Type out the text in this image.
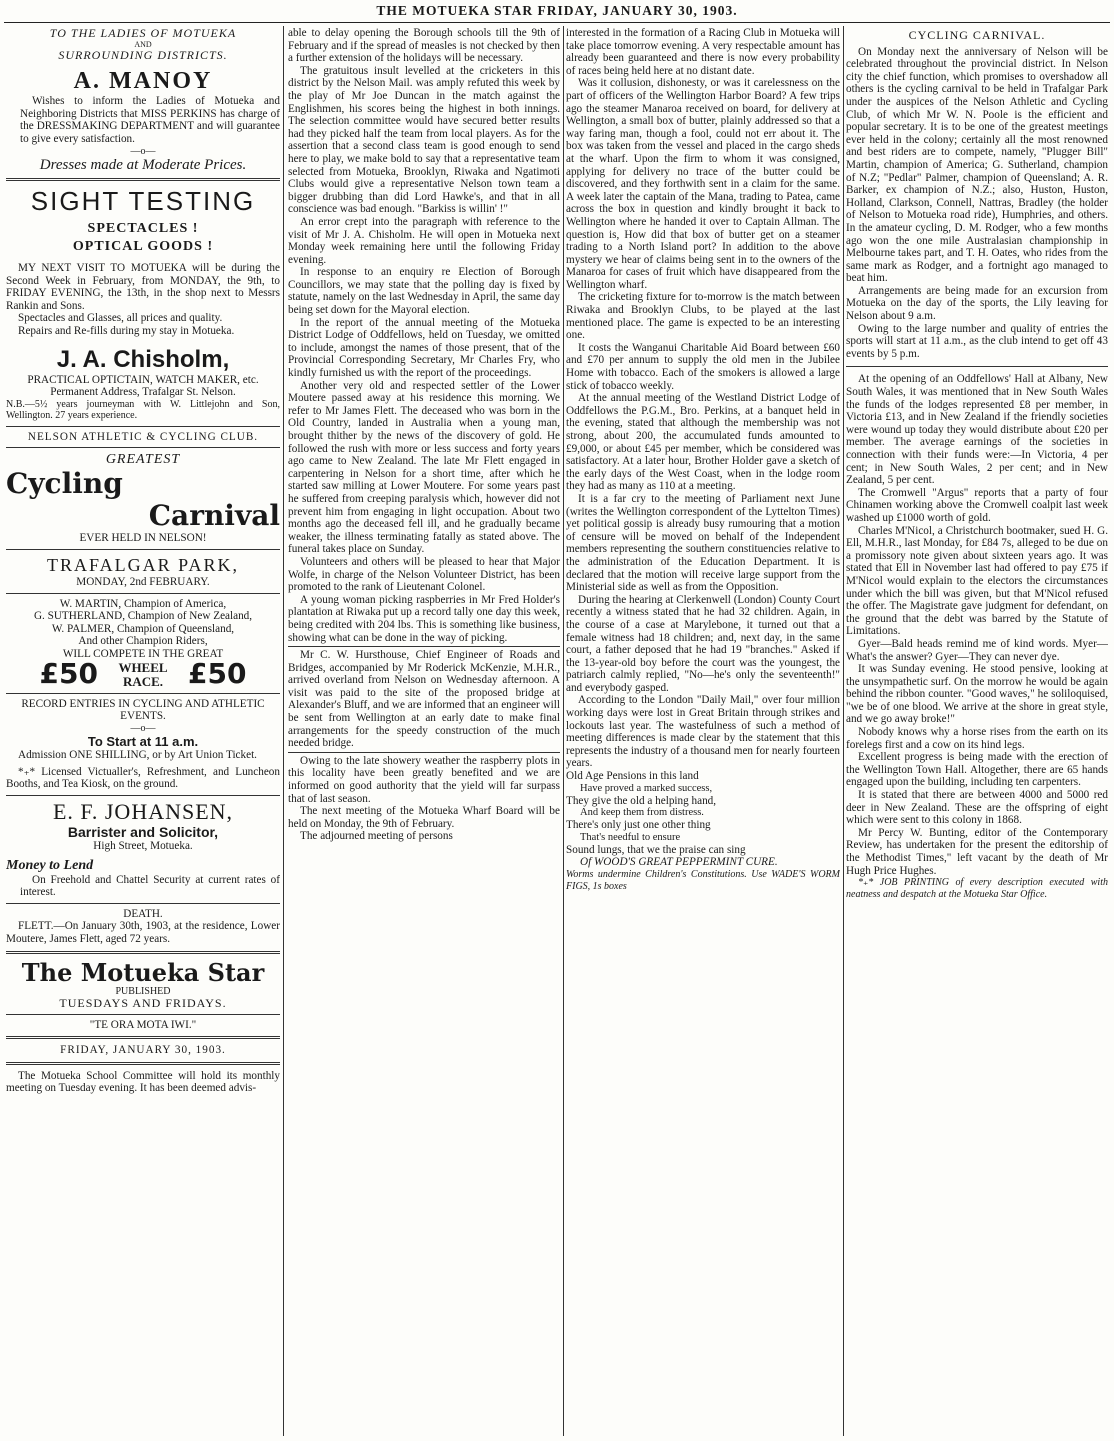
THE MOTUEKA STAR FRIDAY, JANUARY 30, 1903.

TO THE LADIES OF MOTUEKA

AND

SURROUNDING DISTRICTS.

A. MANOY

Wishes to inform the Ladies of Motueka and Neighboring Districts that MISS PERKINS has charge of the DRESSMAKING DEPARTMENT and will guarantee to give every satisfaction.

—o—

Dresses made at Moderate Prices.

SIGHT TESTING

SPECTACLES !

OPTICAL GOODS !

MY NEXT VISIT TO MOTUEKA will be during the Second Week in February, from MONDAY, the 9th, to FRIDAY EVENING, the 13th, in the shop next to Messrs Rankin and Sons.

Spectacles and Glasses, all prices and quality.

Repairs and Re-fills during my stay in Motueka.

J. A. Chisholm,

PRACTICAL OPTICTAIN, WATCH MAKER, etc.

Permanent Address, Trafalgar St. Nelson.

N.B.—5½ years journeyman with W. Littlejohn and Son, Wellington. 27 years experience.

NELSON ATHLETIC & CYCLING CLUB.

GREATEST

Cycling

Carnival

EVER HELD IN NELSON!

TRAFALGAR PARK,

MONDAY, 2nd FEBRUARY.

W. MARTIN, Champion of America,

G. SUTHERLAND, Champion of New Zealand,

W. PALMER, Champion of Queensland,

And other Champion Riders,

WILL COMPETE IN THE GREAT

£50	WHEEL RACE. £50

RECORD ENTRIES IN CYCLING AND ATHLETIC EVENTS.

—o—

To Start at 11 a.m.

Admission ONE SHILLING, or by Art Union Ticket.

*₊* Licensed Victualler's, Refreshment, and Luncheon Booths, and Tea Kiosk, on the ground.

E. F. JOHANSEN,

Barrister and Solicitor,

High Street, Motueka.

Money to Lend

On Freehold and Chattel Security at current rates of interest.

DEATH.

FLETT.—On January 30th, 1903, at the residence, Lower Moutere, James Flett, aged 72 years.

The Motueka Star

PUBLISHED

TUESDAYS AND FRIDAYS.

"TE ORA MOTA IWI."

FRIDAY, JANUARY 30, 1903.

The Motueka School Committee will hold its monthly meeting on Tuesday evening. It has been deemed advis-

able to delay opening the Borough schools till the 9th of February and if the spread of measles is not checked by then a further extension of the holidays will be necessary.

The gratuitous insult levelled at the cricketers in this district by the Nelson Mail. was amply refuted this week by the play of Mr Joe Duncan in the match against the Englishmen, his scores being the highest in both innings. The selection committee would have secured better results had they picked half the team from local players. As for the assertion that a second class team is good enough to send here to play, we make bold to say that a representative team selected from Motueka, Brooklyn, Riwaka and Ngatimoti Clubs would give a representative Nelson town team a bigger drubbing than did Lord Hawke's, and that in all conscience was bad enough. "Barkiss is willin' !"

An error crept into the paragraph with reference to the visit of Mr J. A. Chisholm. He will open in Motueka next Monday week remaining here until the following Friday evening.

In response to an enquiry re Election of Borough Councillors, we may state that the polling day is fixed by statute, namely on the last Wednesday in April, the same day being set down for the Mayoral election.

In the report of the annual meeting of the Motueka District Lodge of Oddfellows, held on Tuesday, we omitted to include, amongst the names of those present, that of the Provincial Corresponding Secretary, Mr Charles Fry, who kindly furnished us with the report of the proceedings.

Another very old and respected settler of the Lower Moutere passed away at his residence this morning. We refer to Mr James Flett. The deceased who was born in the Old Country, landed in Australia when a young man, brought thither by the news of the discovery of gold. He followed the rush with more or less success and forty years ago came to New Zealand. The late Mr Flett engaged in carpentering in Nelson for a short time, after which he started saw milling at Lower Moutere. For some years past he suffered from creeping paralysis which, however did not prevent him from engaging in light occupation. About two months ago the deceased fell ill, and he gradually became weaker, the illness terminating fatally as stated above. The funeral takes place on Sunday.

Volunteers and others will be pleased to hear that Major Wolfe, in charge of the Nelson Volunteer District, has been promoted to the rank of Lieutenant Colonel.

A young woman picking raspberries in Mr Fred Holder's plantation at Riwaka put up a record tally one day this week, being credited with 204 lbs. This is something like business, showing what can be done in the way of picking.

Mr C. W. Hursthouse, Chief Engineer of Roads and Bridges, accompanied by Mr Roderick McKenzie, M.H.R., arrived overland from Nelson on Wednesday afternoon. A visit was paid to the site of the proposed bridge at Alexander's Bluff, and we are informed that an engineer will be sent from Wellington at an early date to make final arrangements for the speedy construction of the much needed bridge.

Owing to the late showery weather the raspberry plots in this locality have been greatly benefited and we are informed on good authority that the yield will far surpass that of last season.

The next meeting of the Motueka Wharf Board will be held on Monday, the 9th of February.

The adjourned meeting of persons

interested in the formation of a Racing Club in Motueka will take place tomorrow evening. A very respectable amount has already been guaranteed and there is now every probability of races being held here at no distant date.

Was it collusion, dishonesty, or was it carelessness on the part of officers of the Wellington Harbor Board? A few trips ago the steamer Manaroa received on board, for delivery at Wellington, a small box of butter, plainly addressed so that a way faring man, though a fool, could not err about it. The box was taken from the vessel and placed in the cargo sheds at the wharf. Upon the firm to whom it was consigned, applying for delivery no trace of the butter could be discovered, and they forthwith sent in a claim for the same. A week later the captain of the Mana, trading to Patea, came across the box in question and kindly brought it back to Wellington where he handed it over to Captain Allman. The question is, How did that box of butter get on a steamer trading to a North Island port? In addition to the above mystery we hear of claims being sent in to the owners of the Manaroa for cases of fruit which have disappeared from the Wellington wharf.

The cricketing fixture for to-morrow is the match between Riwaka and Brooklyn Clubs, to be played at the last mentioned place. The game is expected to be an interesting one.

It costs the Wanganui Charitable Aid Board between £60 and £70 per annum to supply the old men in the Jubilee Home with tobacco. Each of the smokers is allowed a large stick of tobacco weekly.

At the annual meeting of the Westland District Lodge of Oddfellows the P.G.M., Bro. Perkins, at a banquet held in the evening, stated that although the membership was not strong, about 200, the accumulated funds amounted to £9,000, or about £45 per member, which be considered was satisfactory. At a later hour, Brother Holder gave a sketch of the early days of the West Coast, when in the lodge room they had as many as 110 at a meeting.

It is a far cry to the meeting of Parliament next June (writes the Wellington correspondent of the Lyttelton Times) yet political gossip is already busy rumouring that a motion of censure will be moved on behalf of the Independent members representing the southern constituencies relative to the administration of the Education Department. It is declared that the motion will receive large support from the Ministerial side as well as from the Opposition.

During the hearing at Clerkenwell (London) County Court recently a witness stated that he had 32 children. Again, in the course of a case at Marylebone, it turned out that a female witness had 18 children; and, next day, in the same court, a father deposed that he had 19 "branches." Asked if the 13-year-old boy before the court was the youngest, the patriarch calmly replied, "No—he's only the seventeenth!" and everybody gasped.

According to the London "Daily Mail," over four million working days were lost in Great Britain through strikes and lockouts last year. The wastefulness of such a method of meeting differences is made clear by the statement that this represents the industry of a thousand men for nearly fourteen years.

Old Age Pensions in this land

Have proved a marked success,

They give the old a helping hand,

And keep them from distress.

There's only just one other thing

That's needful to ensure

Sound lungs, that we the praise can sing

Of WOOD'S GREAT PEPPERMINT CURE.

Worms undermine Children's Constitutions. Use WADE'S WORM FIGS, 1s boxes

CYCLING CARNIVAL.

On Monday next the anniversary of Nelson will be celebrated throughout the provincial district. In Nelson city the chief function, which promises to overshadow all others is the cycling carnival to be held in Trafalgar Park under the auspices of the Nelson Athletic and Cycling Club, of which Mr W. N. Poole is the efficient and popular secretary. It is to be one of the greatest meetings ever held in the colony; certainly all the most renowned and best riders are to compete, namely, "Plugger Bill" Martin, champion of America; G. Sutherland, champion of N.Z; "Pedlar" Palmer, champion of Queensland; A. R. Barker, ex champion of N.Z.; also, Huston, Huston, Holland, Clarkson, Connell, Nattras, Bradley (the holder of Nelson to Motueka road ride), Humphries, and others. In the amateur cycling, D. M. Rodger, who a few months ago won the one mile Australasian championship in Melbourne takes part, and T. H. Oates, who rides from the same mark as Rodger, and a fortnight ago managed to beat him.

Arrangements are being made for an excursion from Motueka on the day of the sports, the Lily leaving for Nelson about 9 a.m.

Owing to the large number and quality of entries the sports will start at 11 a.m., as the club intend to get off 43 events by 5 p.m.

At the opening of an Oddfellows' Hall at Albany, New South Wales, it was mentioned that in New South Wales the funds of the lodges represented £8 per member, in Victoria £13, and in New Zealand if the friendly societies were wound up today they would distribute about £20 per member. The average earnings of the societies in connection with their funds were:—In Victoria, 4 per cent; in New South Wales, 2 per cent; and in New Zealand, 5 per cent.

The Cromwell "Argus" reports that a party of four Chinamen working above the Cromwell coalpit last week washed up £1000 worth of gold.

Charles M'Nicol, a Christchurch bootmaker, sued H. G. Ell, M.H.R., last Monday, for £84 7s, alleged to be due on a promissory note given about sixteen years ago. It was stated that Ell in November last had offered to pay £75 if M'Nicol would explain to the electors the circumstances under which the bill was given, but that M'Nicol refused the offer. The Magistrate gave judgment for defendant, on the ground that the debt was barred by the Statute of Limitations.

Gyer—Bald heads remind me of kind words. Myer—What's the answer? Gyer—They can never dye.

It was Sunday evening. He stood pensive, looking at the unsympathetic surf. On the morrow he would be again behind the ribbon counter. "Good waves," he soliloquised, "we be of one blood. We arrive at the shore in great style, and we go away broke!"

Nobody knows why a horse rises from the earth on its forelegs first and a cow on its hind legs.

Excellent progress is being made with the erection of the Wellington Town Hall. Altogether, there are 65 hands engaged upon the building, including ten carpenters.

It is stated that there are between 4000 and 5000 red deer in New Zealand. These are the offspring of eight which were sent to this colony in 1868.

Mr Percy W. Bunting, editor of the Contemporary Review, has undertaken for the present the editorship of the Methodist Times," left vacant by the death of Mr Hugh Price Hughes.

*₊* JOB PRINTING of every description executed with neatness and despatch at the Motueka Star Office.
